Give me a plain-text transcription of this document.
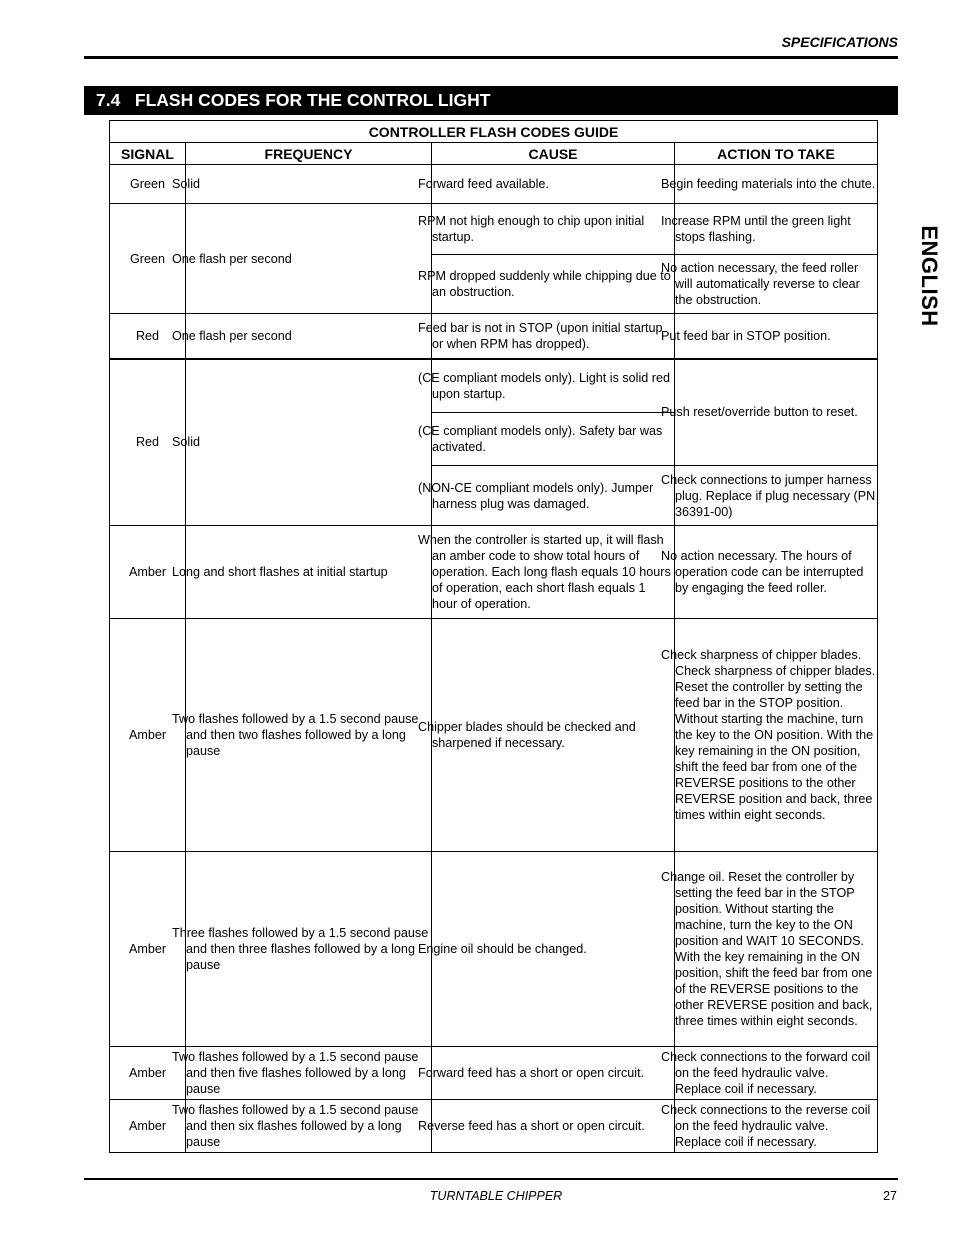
SPECIFICATIONS
7.4   FLASH CODES FOR THE CONTROL LIGHT
ENGLISH
CONTROLLER FLASH CODES GUIDE			
SIGNAL	FREQUENCY	CAUSE	ACTION TO TAKE
Green	Solid	Forward feed available.	Begin feeding materials into the chute.
Green	One flash per second	RPM not high enough to chip upon initial startup.	Increase RPM until the green light stops flashing.
		RPM dropped suddenly while chipping due to an obstruction.	No action necessary, the feed roller will automatically reverse to clear the obstruction.
Red	One flash per second	Feed bar is not in STOP (upon initial startup or when RPM has dropped).	Put feed bar in STOP position.
Red	Solid	(CE compliant models only). Light is solid red upon startup.	Push reset/override button to reset.
		(CE compliant models only). Safety bar was activated.	
		(NON-CE compliant models only). Jumper harness plug was damaged.	Check connections to jumper harness plug. Replace if plug necessary (PN 36391-00)
Amber	Long and short flashes at initial startup	When the controller is started up, it will flash an amber code to show total hours of operation. Each long flash equals 10 hours of operation, each short flash equals 1 hour of operation.	No action necessary. The hours of operation code can be interrupted by engaging the feed roller.
Amber	Two flashes followed by a 1.5 second pause and then two flashes followed by a long pause	Chipper blades should be checked and sharpened if necessary.	Check sharpness of chipper blades. Check sharpness of chipper blades. Reset the controller by setting the feed bar in the STOP position. Without starting the machine, turn the key to the ON position. With the key remaining in the ON position, shift the feed bar from one of the REVERSE positions to the other REVERSE position and back, three times within eight seconds.
Amber	Three flashes followed by a 1.5 second pause and then three flashes followed by a long pause	Engine oil should be changed.	Change oil. Reset the controller by setting the feed bar in the STOP position. Without starting the machine, turn the key to the ON position and WAIT 10 SECONDS. With the key remaining in the ON position, shift the feed bar from one of the REVERSE positions to the other REVERSE position and back, three times within eight seconds.
Amber	Two flashes followed by a 1.5 second pause and then five flashes followed by a long pause	Forward feed has a short or open circuit.	Check connections to the forward coil on the feed hydraulic valve. Replace coil if necessary.
Amber	Two flashes followed by a 1.5 second pause and then six flashes followed by a long pause	Reverse feed has a short or open circuit.	Check connections to the reverse coil on the feed hydraulic valve. Replace coil if necessary.
TURNTABLE CHIPPER	27
